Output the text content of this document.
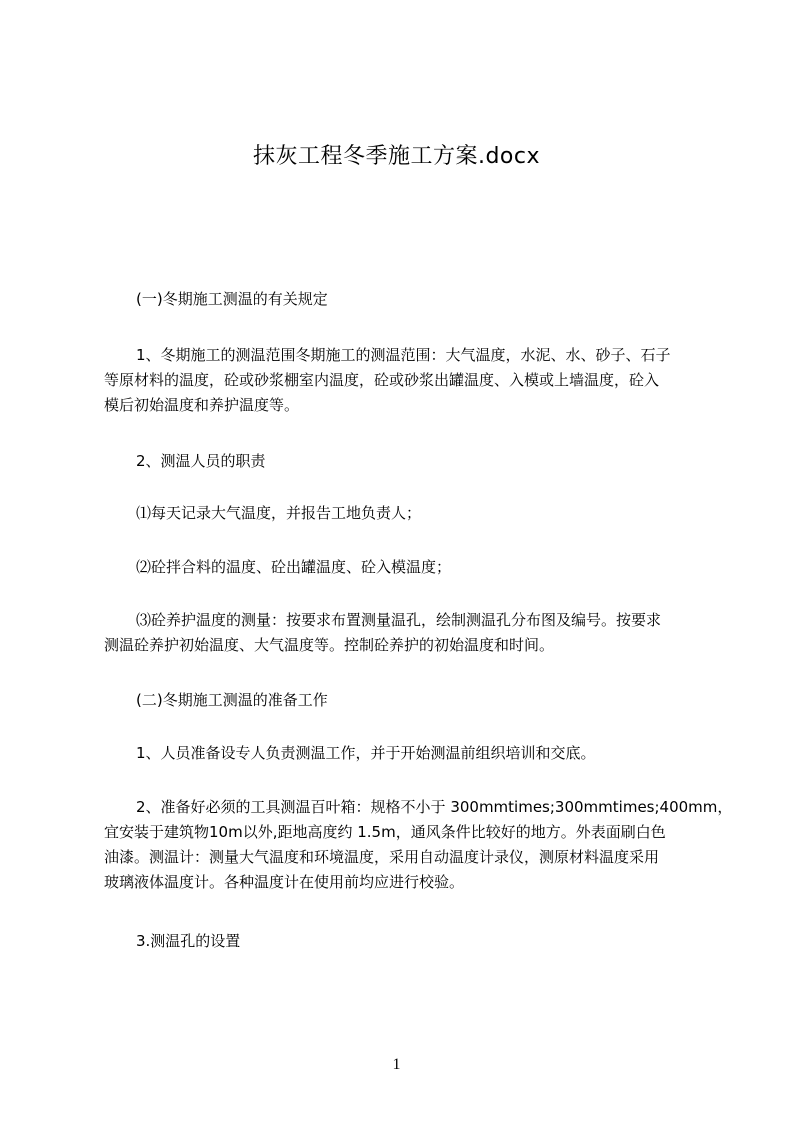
抹灰工程冬季施工方案.docx
(一)冬期施工测温的有关规定
1、冬期施工的测温范围冬期施工的测温范围：大气温度，水泥、水、砂子、石子
等原材料的温度，砼或砂浆棚室内温度，砼或砂浆出罐温度、入模或上墙温度，砼入
模后初始温度和养护温度等。
2、测温人员的职责
⑴每天记录大气温度，并报告工地负责人；
⑵砼拌合料的温度、砼出罐温度、砼入模温度；
⑶砼养护温度的测量：按要求布置测量温孔，绘制测温孔分布图及编号。按要求
测温砼养护初始温度、大气温度等。控制砼养护的初始温度和时间。
(二)冬期施工测温的准备工作
1、人员准备设专人负责测温工作，并于开始测温前组织培训和交底。
2、准备好必须的工具测温百叶箱：规格不小于 300mmtimes;300mmtimes;400mm，
宜安装于建筑物10m以外,距地高度约 1.5m，通风条件比较好的地方。外表面刷白色
油漆。测温计：测量大气温度和环境温度，采用自动温度计录仪，测原材料温度采用
玻璃液体温度计。各种温度计在使用前均应进行校验。
3.测温孔的设置
1
